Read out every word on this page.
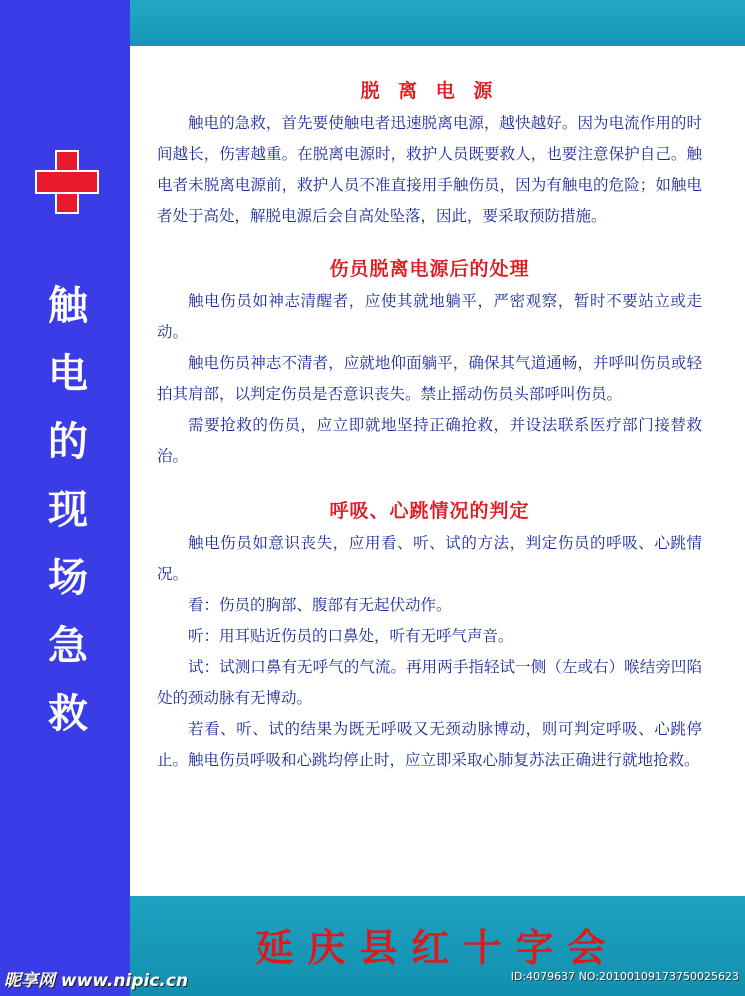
触
电
的
现
场
急
救
脱 离 电 源

触电的急救，首先要使触电者迅速脱离电源，越快越好。因为电流作用的时间越长，伤害越重。在脱离电源时，救护人员既要救人，也要注意保护自己。触电者未脱离电源前，救护人员不准直接用手触伤员，因为有触电的危险；如触电者处于高处，解脱电源后会自高处坠落，因此，要采取预防措施。

伤员脱离电源后的处理

触电伤员如神志清醒者，应使其就地躺平，严密观察，暂时不要站立或走动。

触电伤员神志不清者，应就地仰面躺平，确保其气道通畅，并呼叫伤员或轻拍其肩部，以判定伤员是否意识丧失。禁止摇动伤员头部呼叫伤员。

需要抢救的伤员，应立即就地坚持正确抢救，并设法联系医疗部门接替救治。

呼吸、心跳情况的判定

触电伤员如意识丧失，应用看、听、试的方法，判定伤员的呼吸、心跳情况。

看：伤员的胸部、腹部有无起伏动作。

听：用耳贴近伤员的口鼻处，听有无呼气声音。

试：试测口鼻有无呼气的气流。再用两手指轻试一侧（左或右）喉结旁凹陷处的颈动脉有无博动。

若看、听、试的结果为既无呼吸又无颈动脉博动，则可判定呼吸、心跳停止。触电伤员呼吸和心跳均停止时，应立即采取心肺复苏法正确进行就地抢救。

延庆县红十字会
昵享网 www.nipic.cn	ID:4079637 NO:20100109173750025623
